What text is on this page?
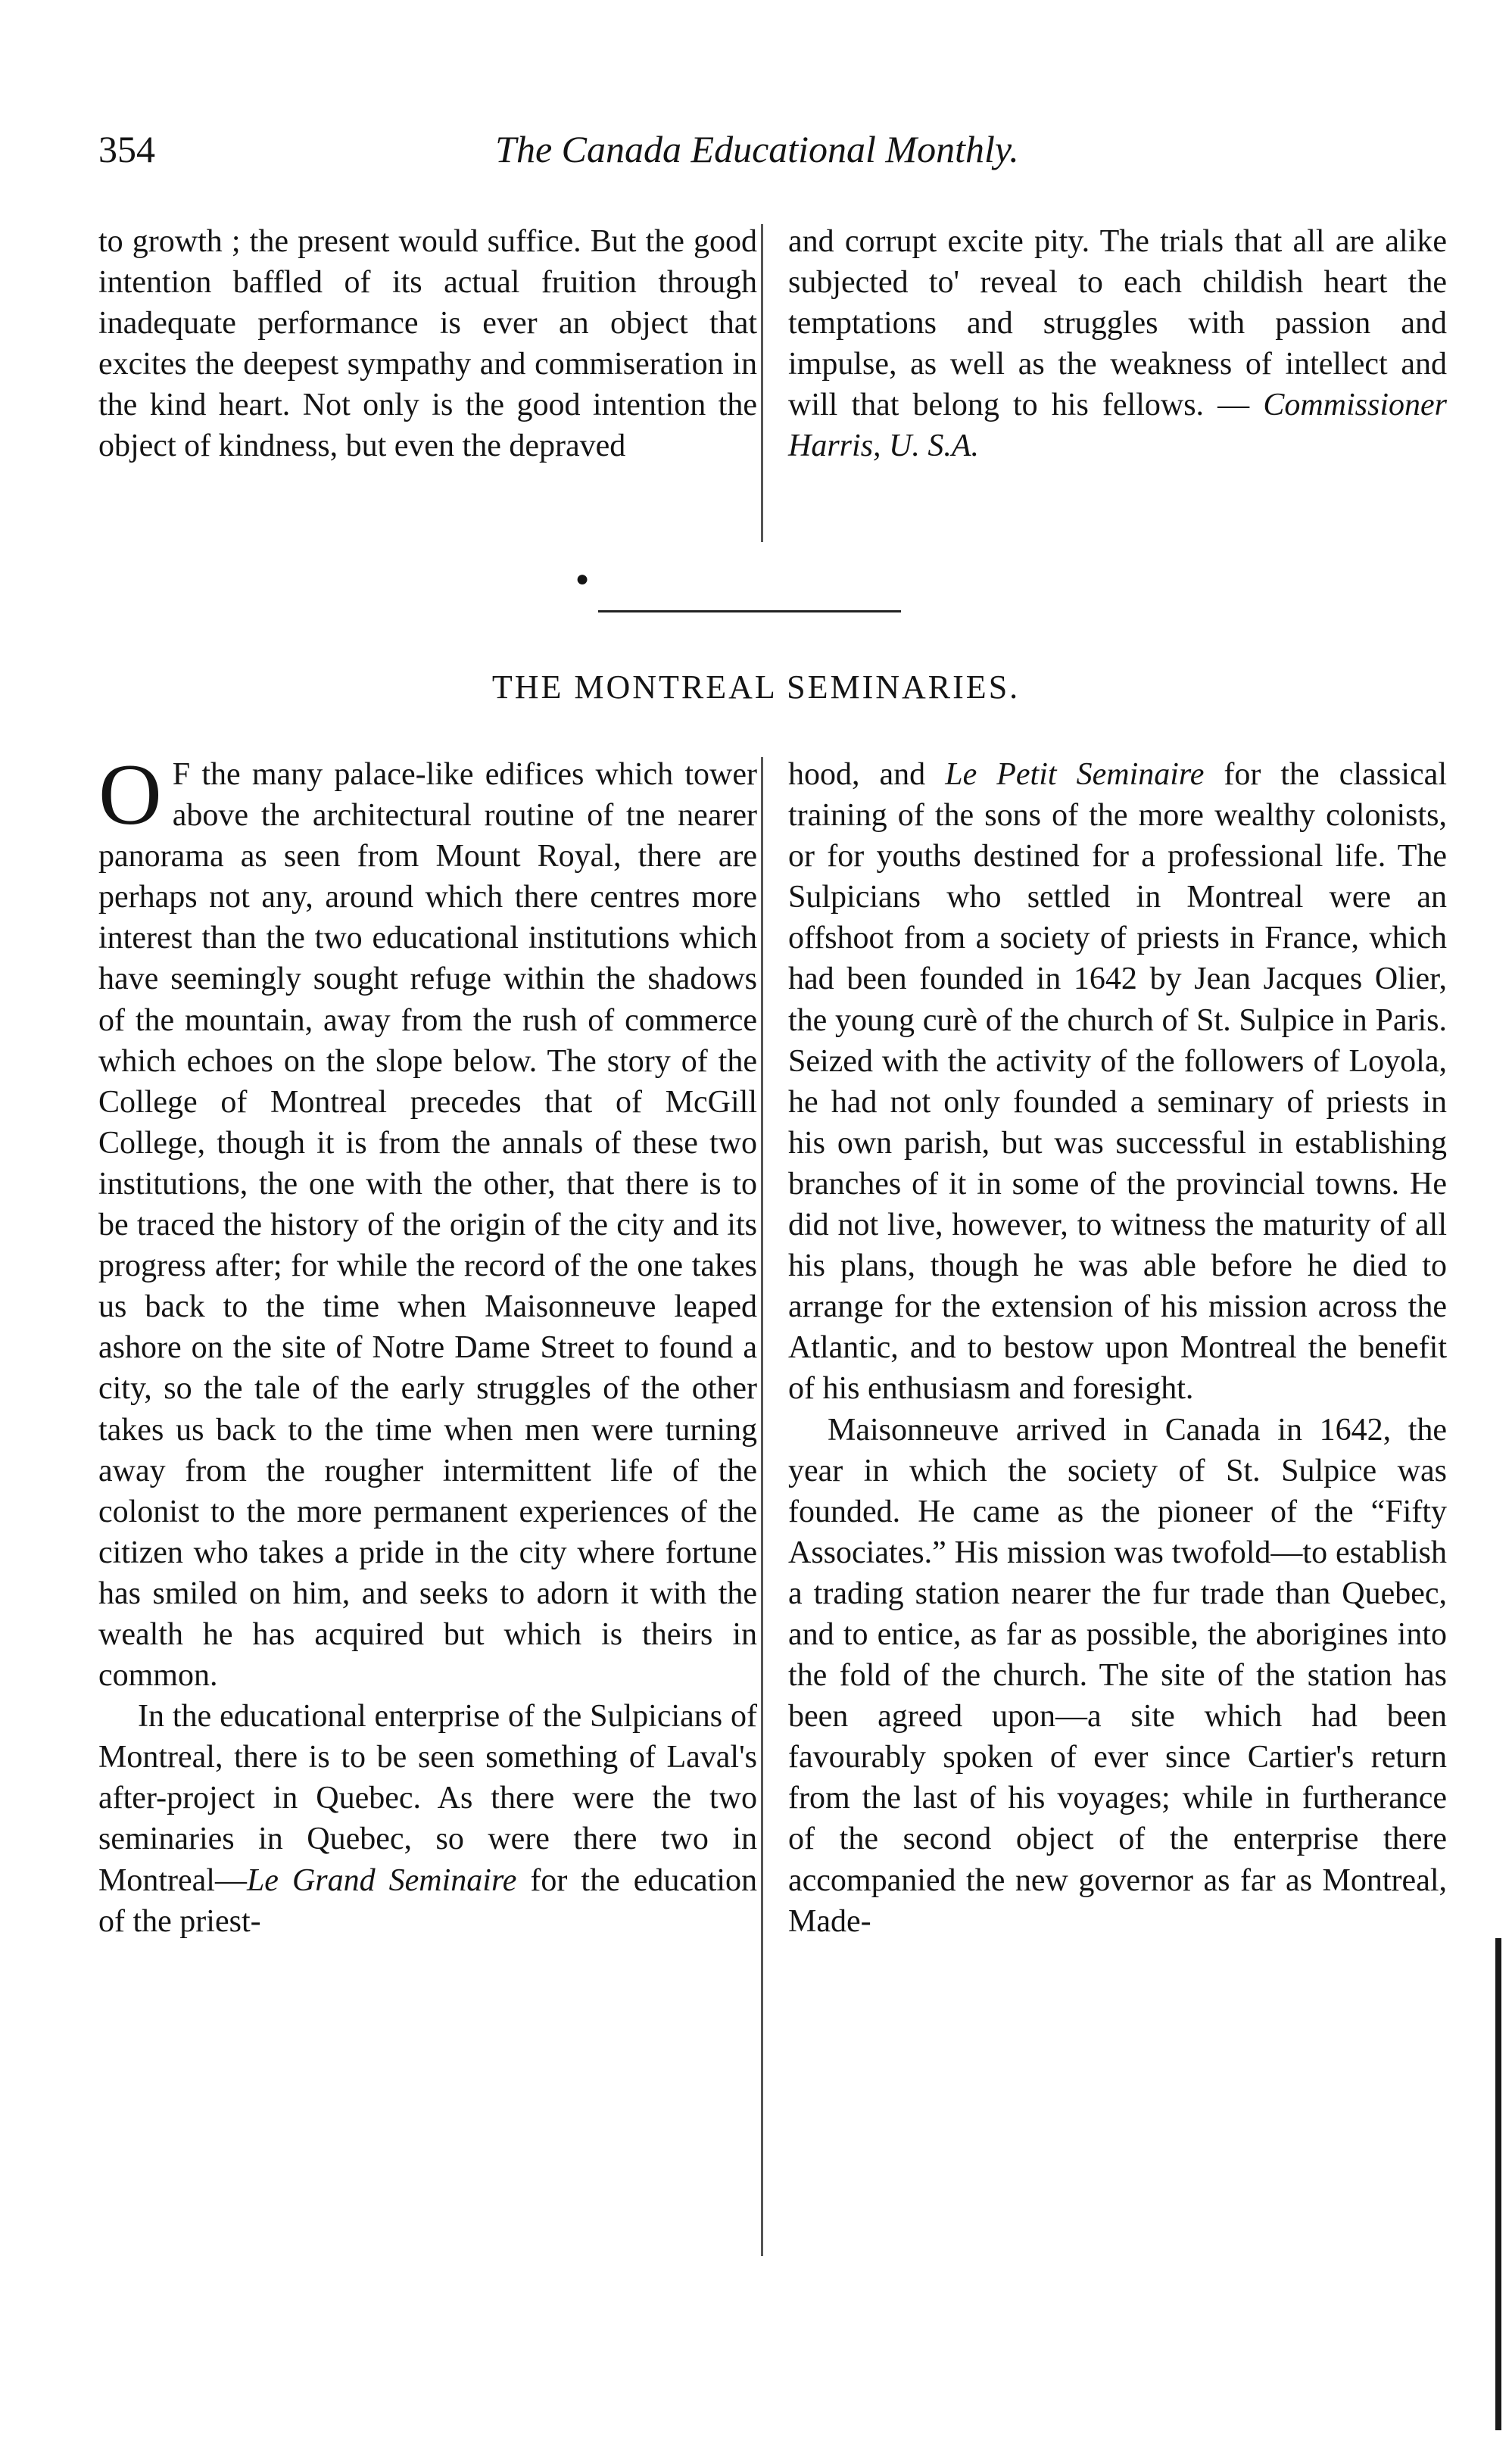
354	The Canada Educational Monthly.

to growth ; the present would suffice. But the good intention baffled of its actual fruition through inadequate performance is ever an object that excites the deepest sympathy and commiseration in the kind heart. Not only is the good intention the object of kindness, but even the depraved

and corrupt excite pity. The trials that all are alike subjected to' reveal to each childish heart the temptations and struggles with passion and impulse, as well as the weakness of intellect and will that belong to his fellows. — Commissioner Harris, U. S.A.

●
THE MONTREAL SEMINARIES.

O F the many palace-like edifices which tower above the architectural routine of tne nearer panorama as seen from Mount Royal, there are perhaps not any, around which there centres more interest than the two educational institutions which have seemingly sought refuge within the shadows of the mountain, away from the rush of commerce which echoes on the slope below. The story of the College of Montreal precedes that of McGill College, though it is from the annals of these two institutions, the one with the other, that there is to be traced the history of the origin of the city and its progress after; for while the record of the one takes us back to the time when Maisonneuve leaped ashore on the site of Notre Dame Street to found a city, so the tale of the early struggles of the other takes us back to the time when men were turning away from the rougher intermittent life of the colonist to the more permanent experiences of the citizen who takes a pride in the city where fortune has smiled on him, and seeks to adorn it with the wealth he has acquired but which is theirs in common.

In the educational enterprise of the Sulpicians of Montreal, there is to be seen something of Laval's after-project in Quebec. As there were the two seminaries in Quebec, so were there two in Montreal—Le Grand Seminaire for the education of the priest-

hood, and Le Petit Seminaire for the classical training of the sons of the more wealthy colonists, or for youths destined for a professional life. The Sulpicians who settled in Montreal were an offshoot from a society of priests in France, which had been founded in 1642 by Jean Jacques Olier, the young curè of the church of St. Sulpice in Paris. Seized with the activity of the followers of Loyola, he had not only founded a seminary of priests in his own parish, but was successful in establishing branches of it in some of the provincial towns. He did not live, however, to witness the maturity of all his plans, though he was able before he died to arrange for the extension of his mission across the Atlantic, and to bestow upon Montreal the benefit of his enthusiasm and foresight.

Maisonneuve arrived in Canada in 1642, the year in which the society of St. Sulpice was founded. He came as the pioneer of the “Fifty Associates.” His mission was twofold—to establish a trading station nearer the fur trade than Quebec, and to entice, as far as possible, the aborigines into the fold of the church. The site of the station has been agreed upon—a site which had been favourably spoken of ever since Cartier's return from the last of his voyages; while in furtherance of the second object of the enterprise there accompanied the new governor as far as Montreal, Made-
